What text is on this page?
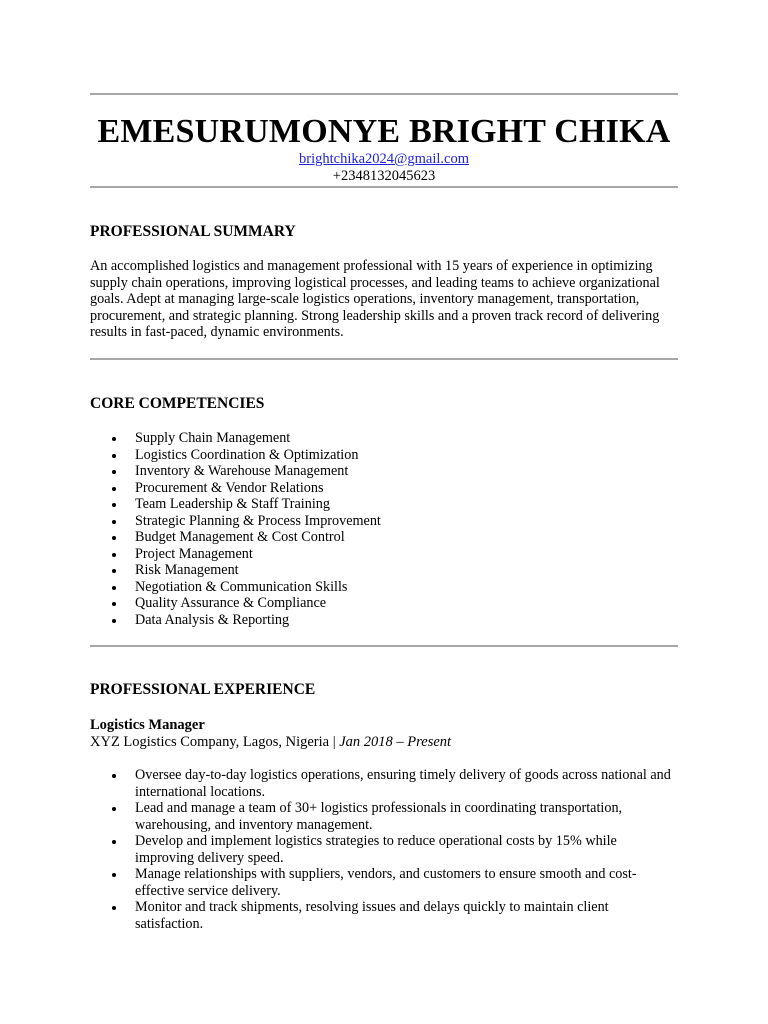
EMESURUMONYE BRIGHT CHIKA
brightchika2024@gmail.com
+2348132045623
PROFESSIONAL SUMMARY
An accomplished logistics and management professional with 15 years of experience in optimizing supply chain operations, improving logistical processes, and leading teams to achieve organizational goals. Adept at managing large-scale logistics operations, inventory management, transportation, procurement, and strategic planning. Strong leadership skills and a proven track record of delivering results in fast-paced, dynamic environments.
CORE COMPETENCIES
Supply Chain Management
Logistics Coordination & Optimization
Inventory & Warehouse Management
Procurement & Vendor Relations
Team Leadership & Staff Training
Strategic Planning & Process Improvement
Budget Management & Cost Control
Project Management
Risk Management
Negotiation & Communication Skills
Quality Assurance & Compliance
Data Analysis & Reporting
PROFESSIONAL EXPERIENCE
Logistics Manager
XYZ Logistics Company, Lagos, Nigeria | Jan 2018 – Present
Oversee day-to-day logistics operations, ensuring timely delivery of goods across national and international locations.
Lead and manage a team of 30+ logistics professionals in coordinating transportation, warehousing, and inventory management.
Develop and implement logistics strategies to reduce operational costs by 15% while improving delivery speed.
Manage relationships with suppliers, vendors, and customers to ensure smooth and cost-effective service delivery.
Monitor and track shipments, resolving issues and delays quickly to maintain client satisfaction.
